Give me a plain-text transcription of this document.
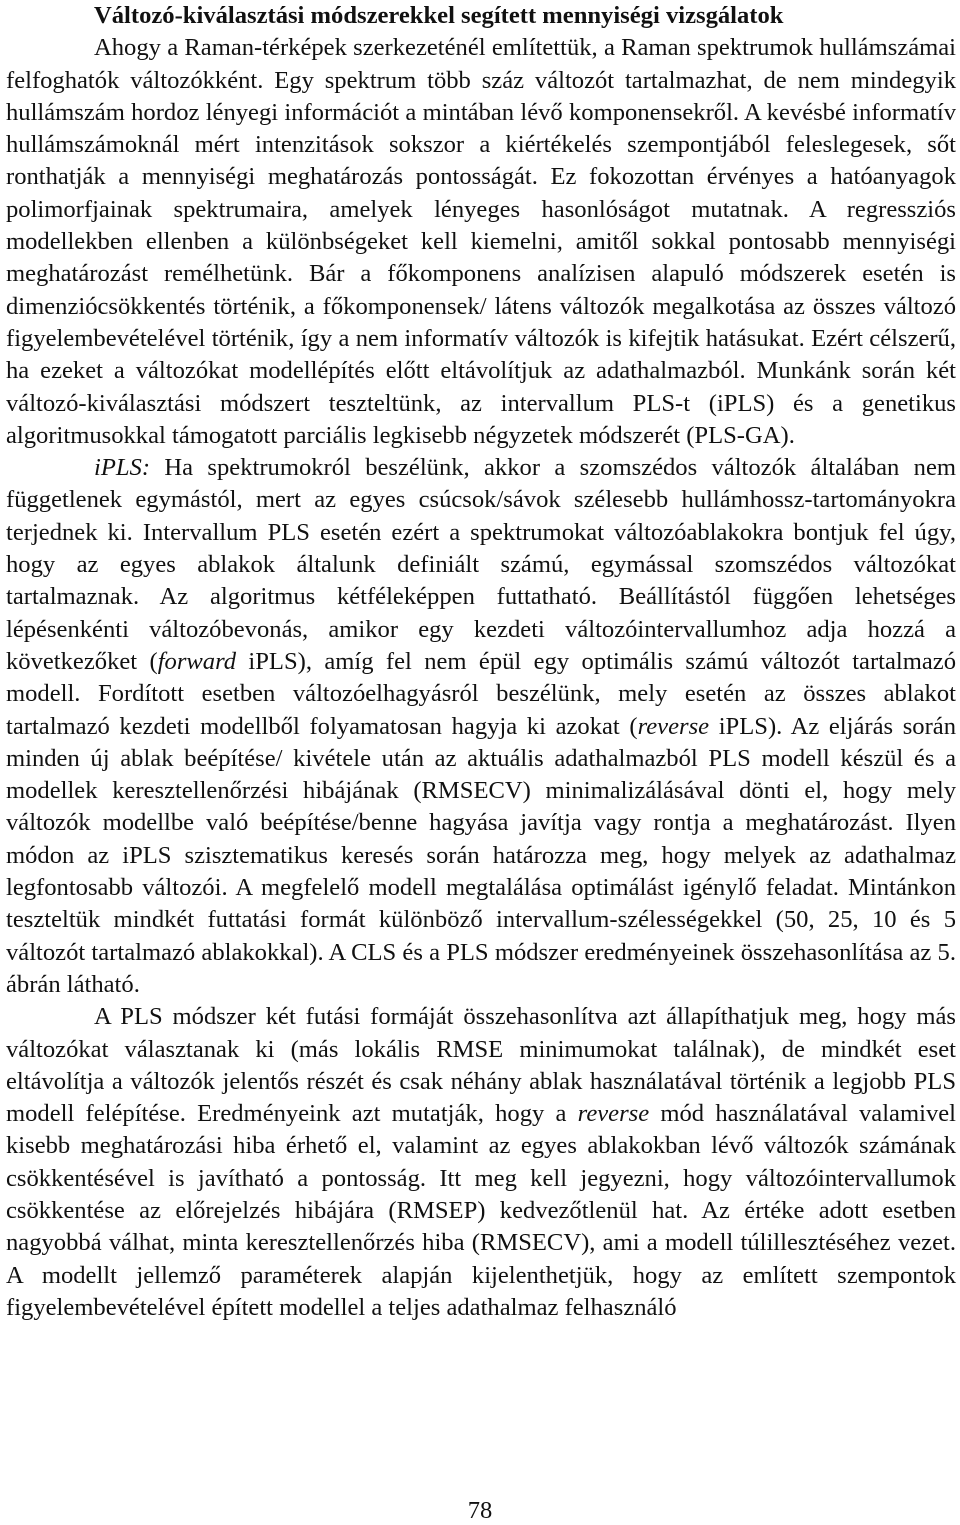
Változó-kiválasztási módszerekkel segített mennyiségi vizsgálatok

Ahogy a Raman-térképek szerkezeténél említettük, a Raman spektrumok hullámszámai felfoghatók változókként. Egy spektrum több száz változót tartalmazhat, de nem mindegyik hullámszám hordoz lényegi információt a mintában lévő komponensekről. A kevésbé informatív hullámszámoknál mért intenzitások sokszor a kiértékelés szempontjából feleslegesek, sőt ronthatják a mennyiségi meghatározás pontosságát. Ez fokozottan érvényes a hatóanyagok polimorfjainak spektrumaira, amelyek lényeges hasonlóságot mutatnak. A regressziós modellekben ellenben a különbségeket kell kiemelni, amitől sokkal pontosabb mennyiségi meghatározást remélhetünk. Bár a főkomponens analízisen alapuló módszerek esetén is dimenziócsökkentés történik, a főkomponensek/ látens változók megalkotása az összes változó figyelembevételével történik, így a nem informatív változók is kifejtik hatásukat. Ezért célszerű, ha ezeket a változókat modellépítés előtt eltávolítjuk az adathalmazból. Munkánk során két változó-kiválasztási módszert teszteltünk, az intervallum PLS-t (iPLS) és a genetikus algoritmusokkal támogatott parciális legkisebb négyzetek módszerét (PLS-GA).

iPLS: Ha spektrumokról beszélünk, akkor a szomszédos változók általában nem függetlenek egymástól, mert az egyes csúcsok/sávok szélesebb hullámhossz-tartományokra terjednek ki. Intervallum PLS esetén ezért a spektrumokat változóablakokra bontjuk fel úgy, hogy az egyes ablakok általunk definiált számú, egymással szomszédos változókat tartalmaznak. Az algoritmus kétféleképpen futtatható. Beállítástól függően lehetséges lépésenkénti változóbevonás, amikor egy kezdeti változóintervallumhoz adja hozzá a következőket (forward iPLS), amíg fel nem épül egy optimális számú változót tartalmazó modell. Fordított esetben változóelhagyásról beszélünk, mely esetén az összes ablakot tartalmazó kezdeti modellből folyamatosan hagyja ki azokat (reverse iPLS). Az eljárás során minden új ablak beépítése/ kivétele után az aktuális adathalmazból PLS modell készül és a modellek keresztellenőrzési hibájának (RMSECV) minimalizálásával dönti el, hogy mely változók modellbe való beépítése/benne hagyása javítja vagy rontja a meghatározást. Ilyen módon az iPLS szisztematikus keresés során határozza meg, hogy melyek az adathalmaz legfontosabb változói. A megfelelő modell megtalálása optimálást igénylő feladat. Mintánkon teszteltük mindkét futtatási formát különböző intervallum-szélességekkel (50, 25, 10 és 5 változót tartalmazó ablakokkal). A CLS és a PLS módszer eredményeinek összehasonlítása az 5. ábrán látható.

A PLS módszer két futási formáját összehasonlítva azt állapíthatjuk meg, hogy más változókat választanak ki (más lokális RMSE minimumokat találnak), de mindkét eset eltávolítja a változók jelentős részét és csak néhány ablak használatával történik a legjobb PLS modell felépítése. Eredményeink azt mutatják, hogy a reverse mód használatával valamivel kisebb meghatározási hiba érhető el, valamint az egyes ablakokban lévő változók számának csökkentésével is javítható a pontosság. Itt meg kell jegyezni, hogy változóintervallumok csökkentése az előrejelzés hibájára (RMSEP) kedvezőtlenül hat. Az értéke adott esetben nagyobbá válhat, minta keresztellenőrzés hiba (RMSECV), ami a modell túlillesztéséhez vezet. A modellt jellemző paraméterek alapján kijelenthetjük, hogy az említett szempontok figyelembevételével épített modellel a teljes adathalmaz felhasználó

78
